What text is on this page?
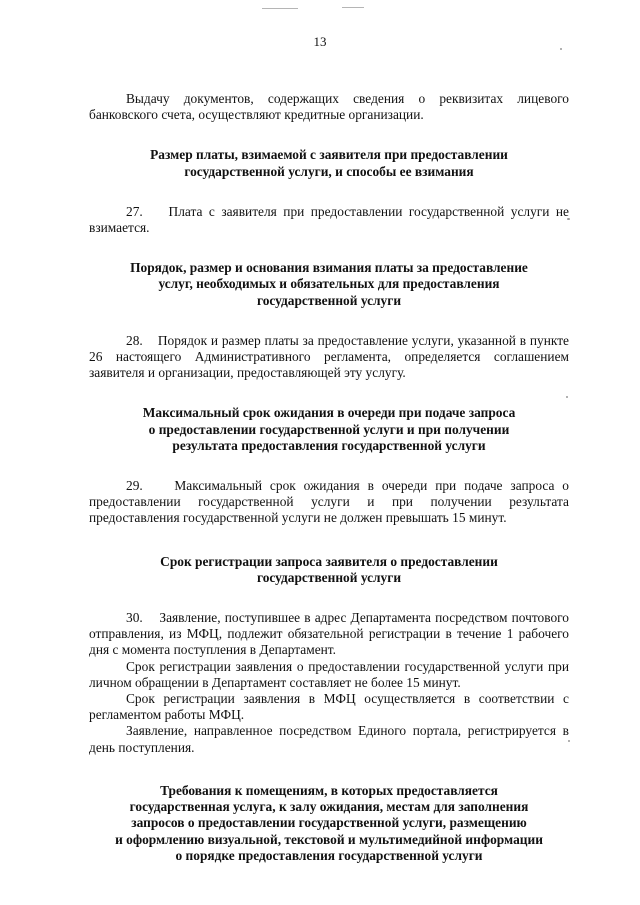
13

Выдачу документов, содержащих сведения о реквизитах лицевого банковского счета, осуществляют кредитные организации.

Размер платы, взимаемой с заявителя при предоставлении
государственной услуги, и способы ее взимания

27.    Плата с заявителя при предоставлении государственной услуги не взимается.

Порядок, размер и основания взимания платы за предоставление
услуг, необходимых и обязательных для предоставления
государственной услуги

28.    Порядок и размер платы за предоставление услуги, указанной в пункте 26 настоящего Административного регламента, определяется соглашением заявителя и организации, предоставляющей эту услугу.

Максимальный срок ожидания в очереди при подаче запроса
о предоставлении государственной услуги и при получении
результата предоставления государственной услуги

29.    Максимальный срок ожидания в очереди при подаче запроса о предоставлении государственной услуги и при получении результата предоставления государственной услуги не должен превышать 15 минут.

Срок регистрации запроса заявителя о предоставлении
государственной услуги

30.    Заявление, поступившее в адрес Департамента посредством почтового отправления, из МФЦ, подлежит обязательной регистрации в течение 1 рабочего дня с момента поступления в Департамент.

Срок регистрации заявления о предоставлении государственной услуги при личном обращении в Департамент составляет не более 15 минут.

Срок регистрации заявления в МФЦ осуществляется в соответствии с регламентом работы МФЦ.

Заявление, направленное посредством Единого портала, регистрируется в день поступления.

Требования к помещениям, в которых предоставляется
государственная услуга, к залу ожидания, местам для заполнения
запросов о предоставлении государственной услуги, размещению
и оформлению визуальной, текстовой и мультимедийной информации
о порядке предоставления государственной услуги
